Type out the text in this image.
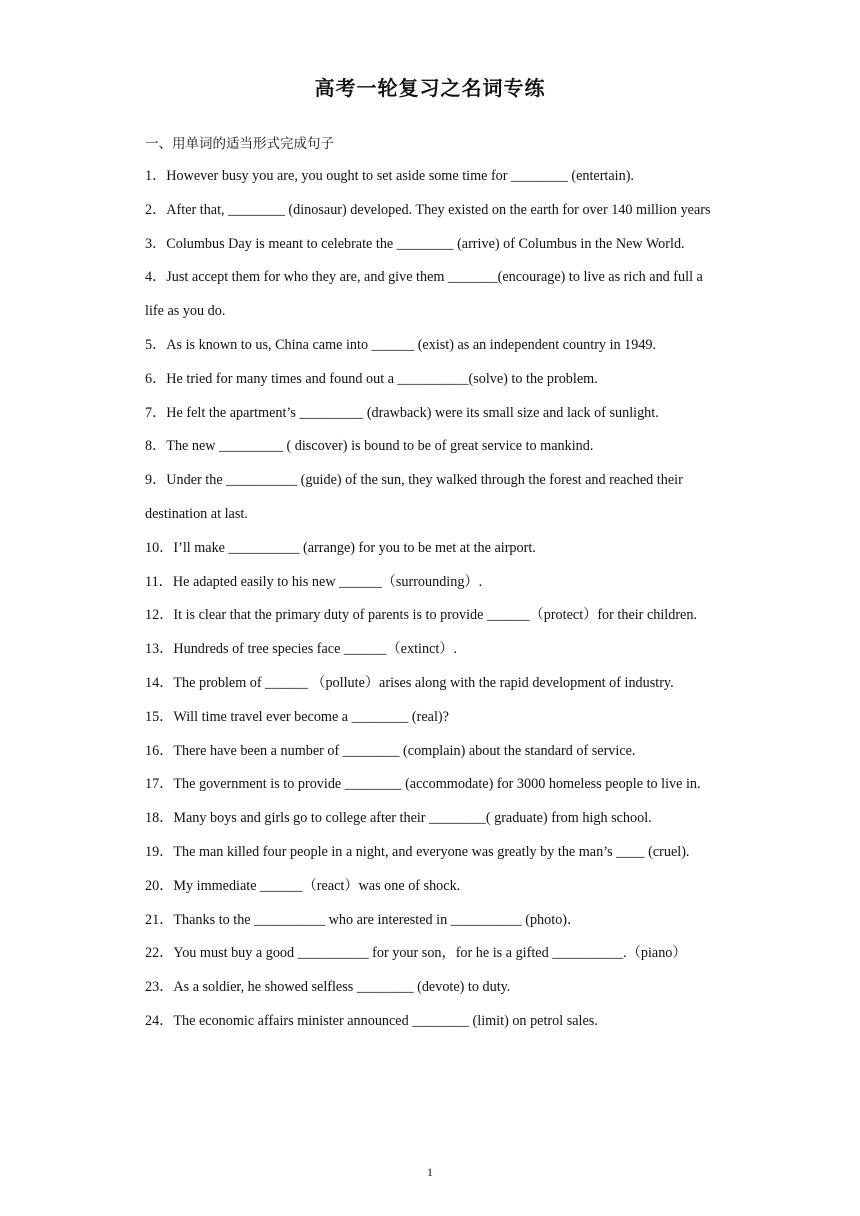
高考一轮复习之名词专练
一、用单词的适当形式完成句子
1．However busy you are, you ought to set aside some time for ________ (entertain).
2．After that, ________ (dinosaur) developed. They existed on the earth for over 140 million years
3．Columbus Day is meant to celebrate the ________ (arrive) of Columbus in the New World.
4．Just accept them for who they are, and give them _______(encourage) to live as rich and full a life as you do.
5．As is known to us, China came into ______ (exist) as an independent country in 1949.
6．He tried for many times and found out a __________(solve) to the problem.
7．He felt the apartment’s _________ (drawback) were its small size and lack of sunlight.
8．The new _________ ( discover) is bound to be of great service to mankind.
9．Under the __________ (guide) of the sun, they walked through the forest and reached their destination at last.
10．I’ll make __________ (arrange) for you to be met at the airport.
11．He adapted easily to his new ______（surrounding）.
12．It is clear that the primary duty of parents is to provide ______（protect）for their children.
13．Hundreds of tree species face ______（extinct）.
14．The problem of ______ （pollute）arises along with the rapid development of industry.
15．Will time travel ever become a ________ (real)?
16．There have been a number of ________ (complain) about the standard of service.
17．The government is to provide ________ (accommodate) for 3000 homeless people to live in.
18．Many boys and girls go to college after their ________( graduate) from high school.
19．The man killed four people in a night, and everyone was greatly by the man’s ____ (cruel).
20．My immediate ______（react）was one of shock.
21．Thanks to the __________ who are interested in __________ (photo)．
22．You must buy a good __________ for your son，for he is a gifted __________.（piano）
23．As a soldier, he showed selfless ________ (devote) to duty.
24．The economic affairs minister announced ________ (limit) on petrol sales.
1
